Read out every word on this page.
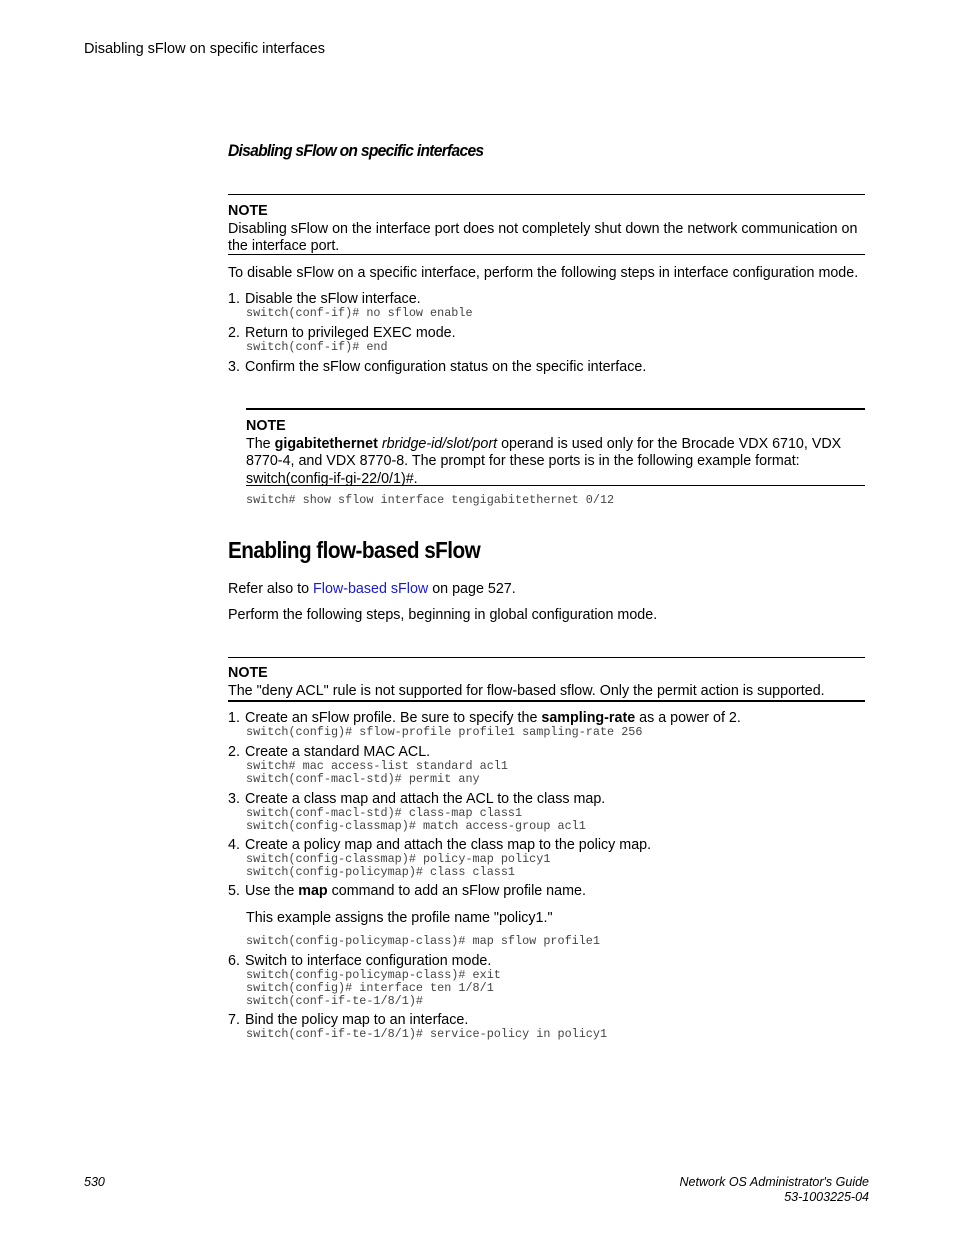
Disabling sFlow on specific interfaces
Disabling sFlow on specific interfaces
NOTE
Disabling sFlow on the interface port does not completely shut down the network communication on the interface port.
To disable sFlow on a specific interface, perform the following steps in interface configuration mode.
1. Disable the sFlow interface.
switch(conf-if)# no sflow enable
2. Return to privileged EXEC mode.
switch(conf-if)# end
3. Confirm the sFlow configuration status on the specific interface.
NOTE
The gigabitethernet rbridge-id/slot/port operand is used only for the Brocade VDX 6710, VDX 8770-4, and VDX 8770-8. The prompt for these ports is in the following example format: switch(config-if-gi-22/0/1)#.
switch# show sflow interface tengigabitethernet 0/12
Enabling flow-based sFlow
Refer also to Flow-based sFlow on page 527.
Perform the following steps, beginning in global configuration mode.
NOTE
The "deny ACL" rule is not supported for flow-based sflow. Only the permit action is supported.
1. Create an sFlow profile. Be sure to specify the sampling-rate as a power of 2.
switch(config)# sflow-profile profile1 sampling-rate 256
2. Create a standard MAC ACL.
switch# mac access-list standard acl1
switch(conf-macl-std)# permit any
3. Create a class map and attach the ACL to the class map.
switch(conf-macl-std)# class-map class1
switch(config-classmap)# match access-group acl1
4. Create a policy map and attach the class map to the policy map.
switch(config-classmap)# policy-map policy1
switch(config-policymap)# class class1
5. Use the map command to add an sFlow profile name.
This example assigns the profile name "policy1."
switch(config-policymap-class)# map sflow profile1
6. Switch to interface configuration mode.
switch(config-policymap-class)# exit
switch(config)# interface ten 1/8/1
switch(conf-if-te-1/8/1)#
7. Bind the policy map to an interface.
switch(conf-if-te-1/8/1)# service-policy in policy1
530	Network OS Administrator's Guide
53-1003225-04
